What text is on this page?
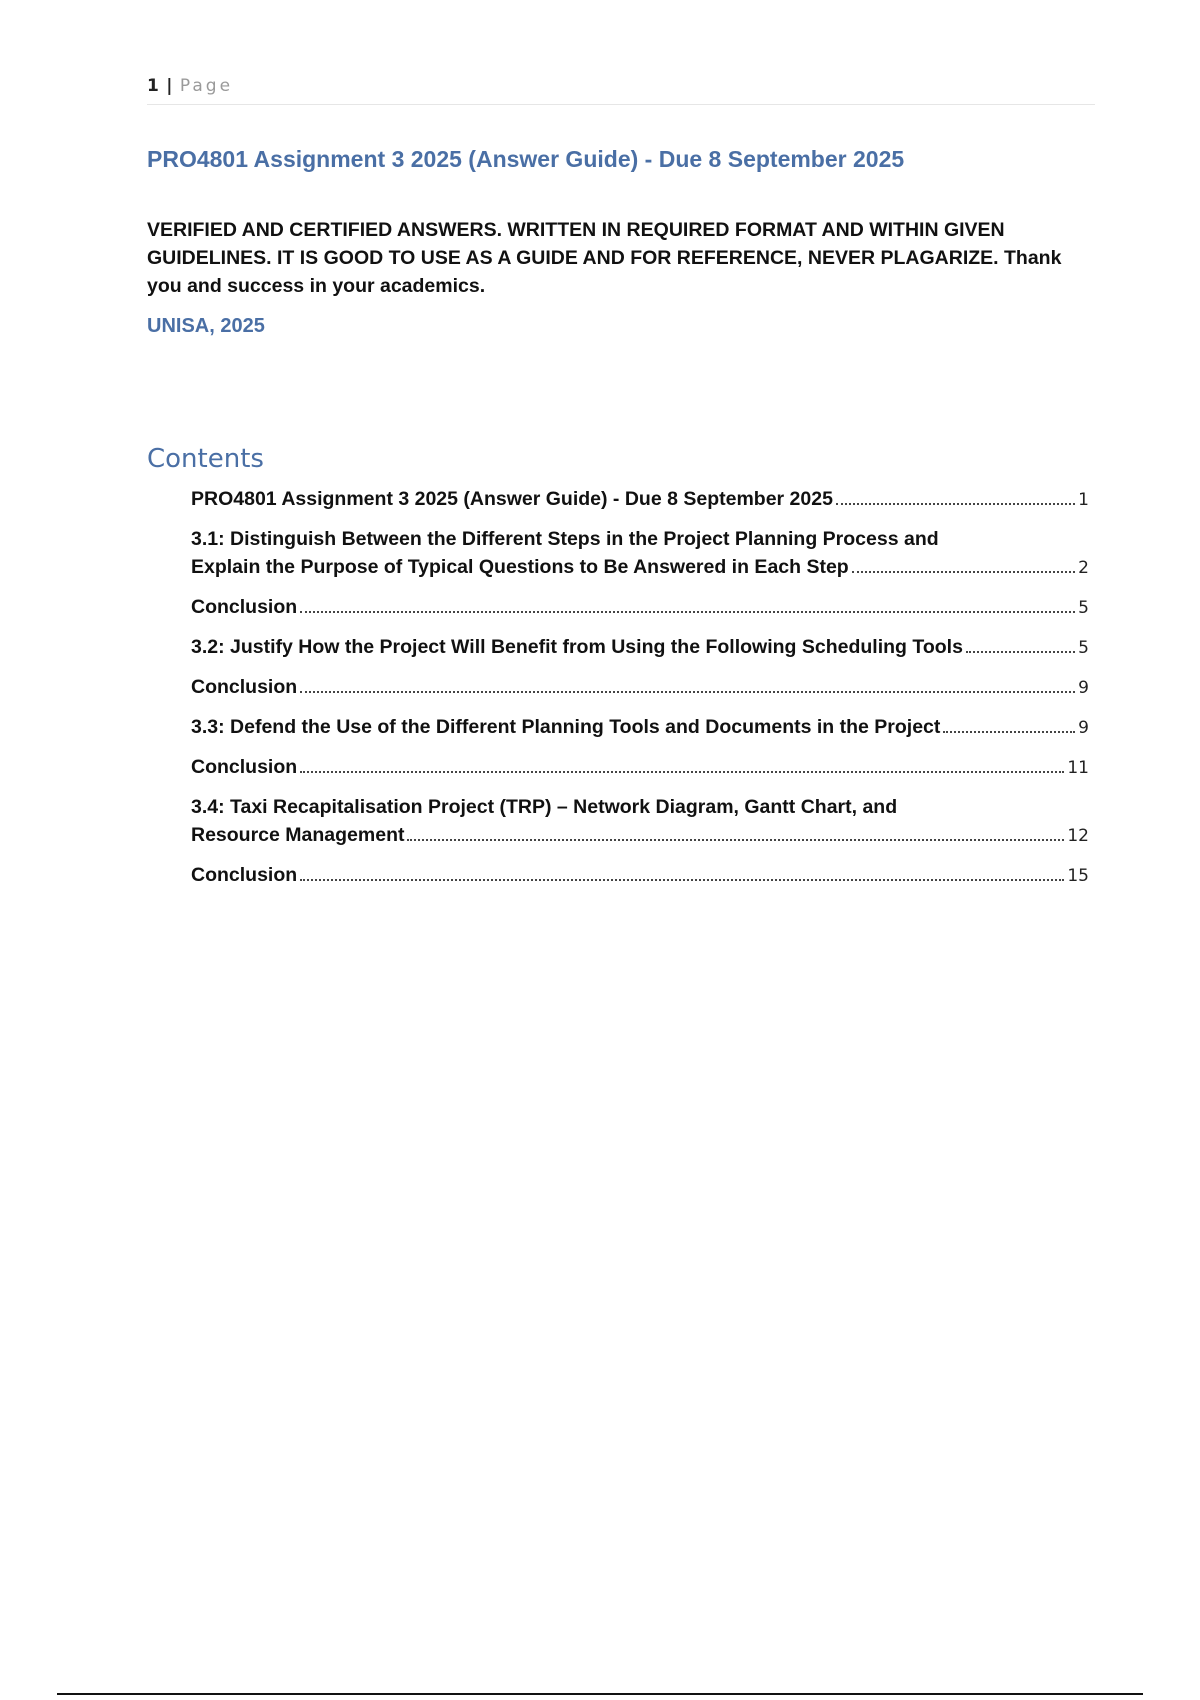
1 | Page
PRO4801 Assignment 3 2025 (Answer Guide) - Due 8 September 2025
VERIFIED AND CERTIFIED ANSWERS. WRITTEN IN REQUIRED FORMAT AND WITHIN GIVEN GUIDELINES. IT IS GOOD TO USE AS A GUIDE AND FOR REFERENCE, NEVER PLAGARIZE. Thank you and success in your academics.
UNISA, 2025
Contents
PRO4801 Assignment 3 2025 (Answer Guide) - Due 8 September 2025	1
3.1: Distinguish Between the Different Steps in the Project Planning Process and
Explain the Purpose of Typical Questions to Be Answered in Each Step	2
Conclusion	5
3.2: Justify How the Project Will Benefit from Using the Following Scheduling Tools	5
Conclusion	9
3.3: Defend the Use of the Different Planning Tools and Documents in the Project	9
Conclusion	11
3.4: Taxi Recapitalisation Project (TRP) – Network Diagram, Gantt Chart, and
Resource Management	12
Conclusion	15
